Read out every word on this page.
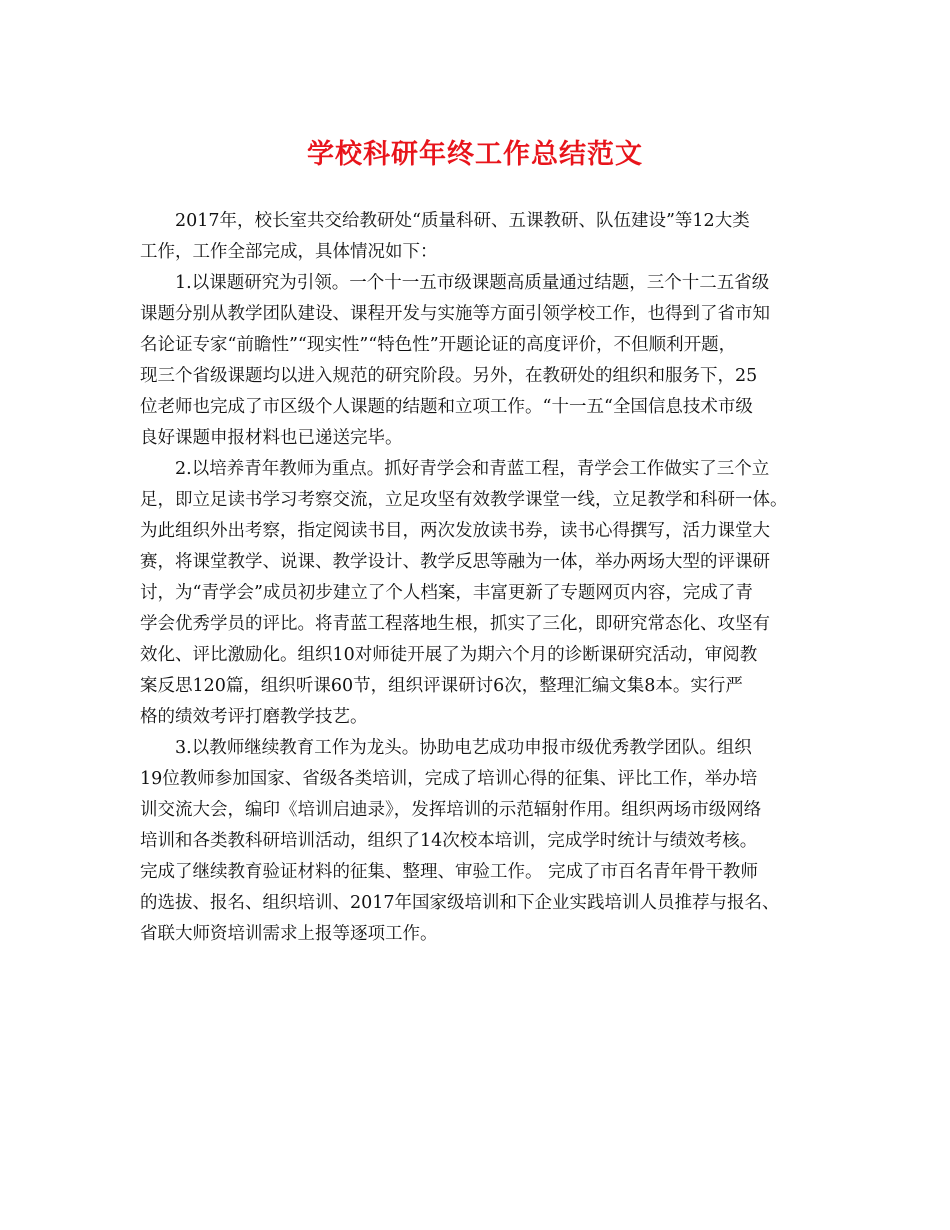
学校科研年终工作总结范文
2017年，校长室共交给教研处“质量科研、五课教研、队伍建设”等12大类
工作，工作全部完成，具体情况如下：
1.以课题研究为引领。一个十一五市级课题高质量通过结题，三个十二五省级
课题分别从教学团队建设、课程开发与实施等方面引领学校工作，也得到了省市知
名论证专家“前瞻性”“现实性”“特色性”开题论证的高度评价，不但顺利开题，
现三个省级课题均以进入规范的研究阶段。另外，在教研处的组织和服务下，25
位老师也完成了市区级个人课题的结题和立项工作。“十一五“全国信息技术市级
良好课题申报材料也已递送完毕。
2.以培养青年教师为重点。抓好青学会和青蓝工程，青学会工作做实了三个立
足，即立足读书学习考察交流，立足攻坚有效教学课堂一线，立足教学和科研一体。
为此组织外出考察，指定阅读书目，两次发放读书券，读书心得撰写，活力课堂大
赛，将课堂教学、说课、教学设计、教学反思等融为一体，举办两场大型的评课研
讨，为“青学会”成员初步建立了个人档案，丰富更新了专题网页内容，完成了青
学会优秀学员的评比。将青蓝工程落地生根，抓实了三化，即研究常态化、攻坚有
效化、评比激励化。组织10对师徒开展了为期六个月的诊断课研究活动，审阅教
案反思120篇，组织听课60节，组织评课研讨6次，整理汇编文集8本。实行严
格的绩效考评打磨教学技艺。
3.以教师继续教育工作为龙头。协助电艺成功申报市级优秀教学团队。组织
19位教师参加国家、省级各类培训，完成了培训心得的征集、评比工作，举办培
训交流大会，编印《培训启迪录》，发挥培训的示范辐射作用。组织两场市级网络
培训和各类教科研培训活动，组织了14次校本培训，完成学时统计与绩效考核。
完成了继续教育验证材料的征集、整理、审验工作。 完成了市百名青年骨干教师
的选拔、报名、组织培训、2017年国家级培训和下企业实践培训人员推荐与报名、
省联大师资培训需求上报等逐项工作。
